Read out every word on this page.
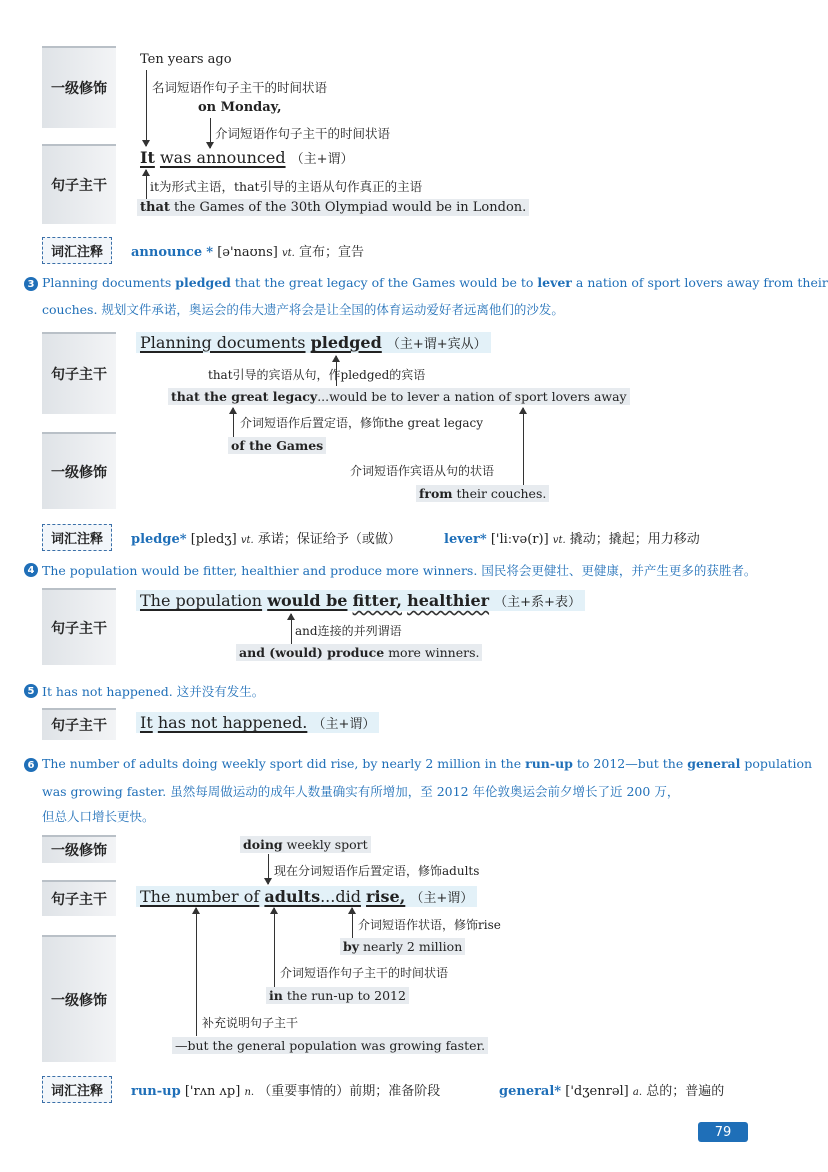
一级修饰
句子主干
Ten years ago
名词短语作句子主干的时间状语
on Monday,
介词短语作句子主干的时间状语
It was announced （主+谓）
it为形式主语，that引导的主语从句作真正的主语
that the Games of the 30th Olympiad would be in London.
词汇注释	announce * [ə'naʊns] vt. 宣布；宣告
3 Planning documents pledged that the great legacy of the Games would be to lever a nation of sport lovers away from their
couches. 规划文件承诺，奥运会的伟大遗产将会是让全国的体育运动爱好者远离他们的沙发。
句子主干
一级修饰
Planning documents pledged （主+谓+宾从）
that引导的宾语从句，作pledged的宾语
that the great legacy...would be to lever a nation of sport lovers away
介词短语作后置定语，修饰the great legacy
of the Games
介词短语作宾语从句的状语
from their couches.
词汇注释	pledge* [pledʒ] vt. 承诺；保证给予（或做）	lever* ['liːvə(r)] vt. 撬动；撬起；用力移动
4 The population would be fitter, healthier and produce more winners. 国民将会更健壮、更健康，并产生更多的获胜者。
句子主干
The population would be fitter, healthier （主+系+表）
and连接的并列谓语
and (would) produce more winners.
5 It has not happened. 这并没有发生。
句子主干	It has not happened. （主+谓）
6 The number of adults doing weekly sport did rise, by nearly 2 million in the run-up to 2012—but the general population
was growing faster. 虽然每周做运动的成年人数量确实有所增加，至 2012 年伦敦奥运会前夕增长了近 200 万，
但总人口增长更快。
一级修饰
句子主干
一级修饰
doing weekly sport
现在分词短语作后置定语，修饰adults
The number of adults...did rise, （主+谓）
介词短语作状语，修饰rise
by nearly 2 million
介词短语作句子主干的时间状语
in the run-up to 2012
补充说明句子主干
—but the general population was growing faster.
词汇注释	run-up ['rʌn ʌp] n. （重要事情的）前期；准备阶段	general* ['dʒenrəl] a. 总的；普遍的
79
